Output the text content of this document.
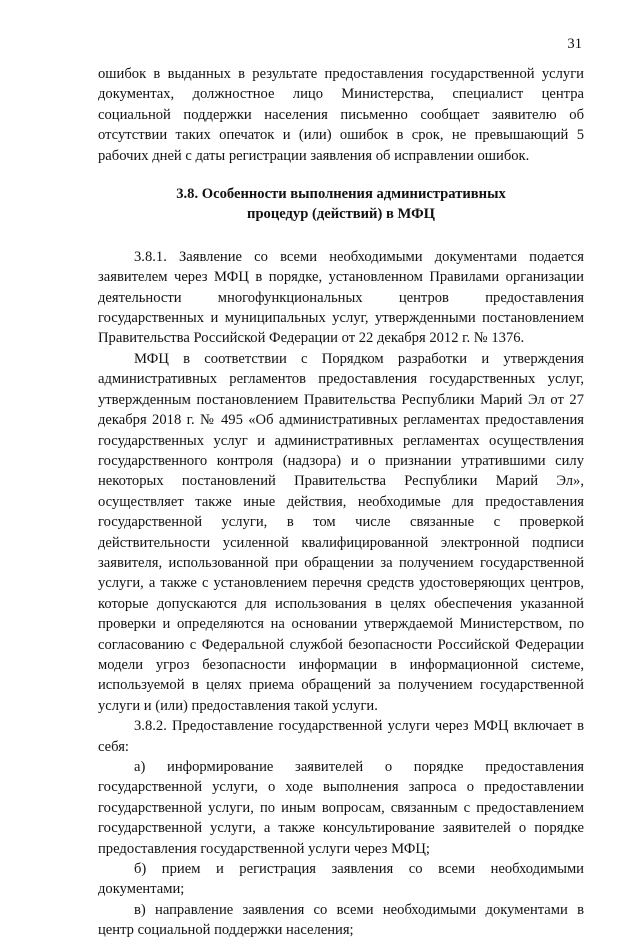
31

ошибок в выданных в результате предоставления государственной услуги документах, должностное лицо Министерства, специалист центра социальной поддержки населения письменно сообщает заявителю об отсутствии таких опечаток и (или) ошибок в срок, не превышающий 5 рабочих дней с даты регистрации заявления об исправлении ошибок.

3.8. Особенности выполнения административных
процедур (действий) в МФЦ

3.8.1. Заявление со всеми необходимыми документами подается заявителем через МФЦ в порядке, установленном Правилами организации деятельности многофункциональных центров предоставления государственных и муниципальных услуг, утвержденными постановлением Правительства Российской Федерации от 22 декабря 2012 г. № 1376.

МФЦ в соответствии с Порядком разработки и утверждения административных регламентов предоставления государственных услуг, утвержденным постановлением Правительства Республики Марий Эл от 27 декабря 2018 г. № 495 «Об административных регламентах предоставления государственных услуг и административных регламентах осуществления государственного контроля (надзора) и о признании утратившими силу некоторых постановлений Правительства Республики Марий Эл», осуществляет также иные действия, необходимые для предоставления государственной услуги, в том числе связанные с проверкой действительности усиленной квалифицированной электронной подписи заявителя, использованной при обращении за получением государственной услуги, а также с установлением перечня средств удостоверяющих центров, которые допускаются для использования в целях обеспечения указанной проверки и определяются на основании утверждаемой Министерством, по согласованию с Федеральной службой безопасности Российской Федерации модели угроз безопасности информации в информационной системе, используемой в целях приема обращений за получением государственной услуги и (или) предоставления такой услуги.

3.8.2. Предоставление государственной услуги через МФЦ включает в себя:

а) информирование заявителей о порядке предоставления государственной услуги, о ходе выполнения запроса о предоставлении государственной услуги, по иным вопросам, связанным с предоставлением государственной услуги, а также консультирование заявителей о порядке предоставления государственной услуги через МФЦ;

б) прием и регистрация заявления со всеми необходимыми документами;

в) направление заявления со всеми необходимыми документами в центр социальной поддержки населения;
